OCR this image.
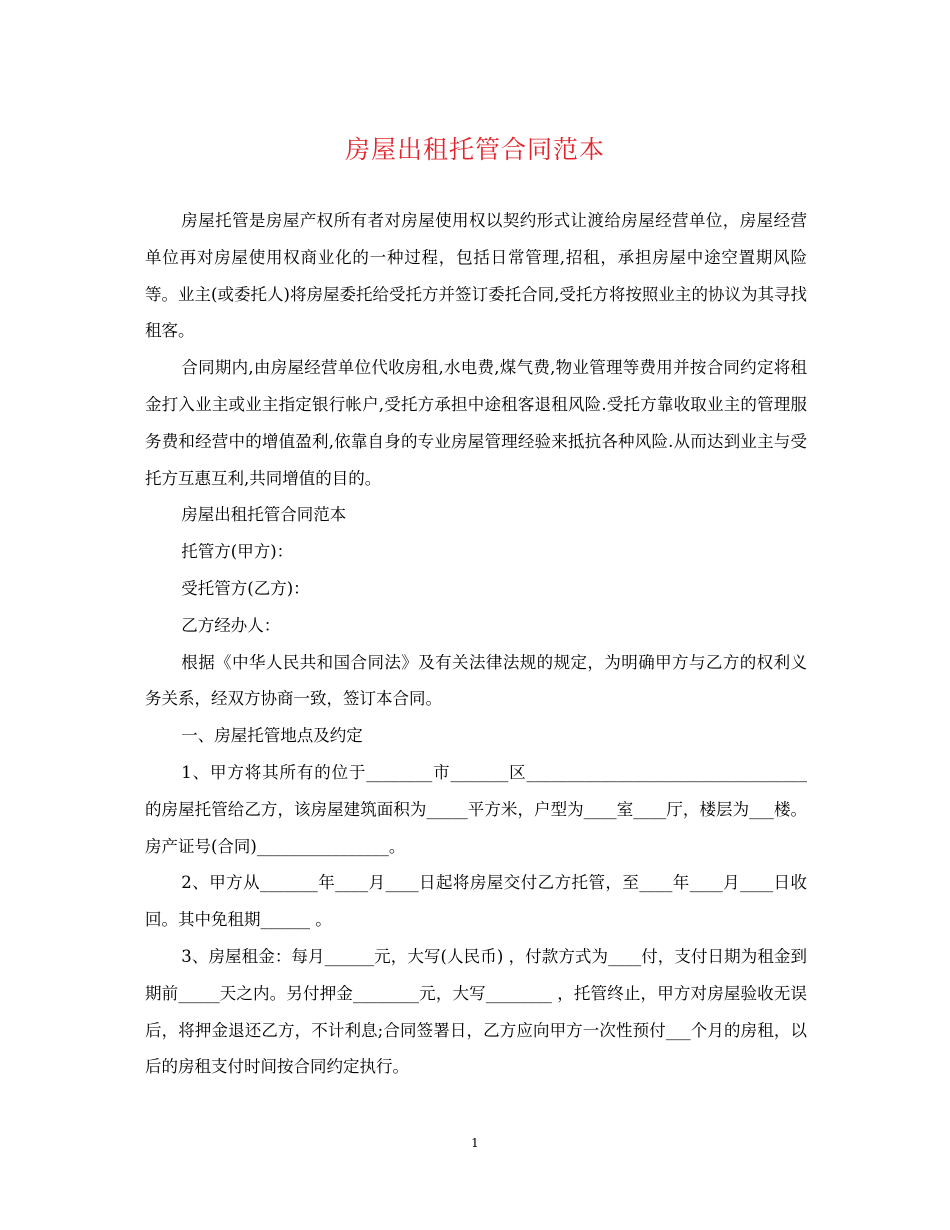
房屋出租托管合同范本

房屋托管是房屋产权所有者对房屋使用权以契约形式让渡给房屋经营单位，房屋经营单位再对房屋使用权商业化的一种过程，包括日常管理,招租，承担房屋中途空置期风险等。业主(或委托人)将房屋委托给受托方并签订委托合同,受托方将按照业主的协议为其寻找租客。

合同期内,由房屋经营单位代收房租,水电费,煤气费,物业管理等费用并按合同约定将租金打入业主或业主指定银行帐户,受托方承担中途租客退租风险.受托方靠收取业主的管理服务费和经营中的增值盈利,依靠自身的专业房屋管理经验来抵抗各种风险.从而达到业主与受托方互惠互利,共同增值的目的。

房屋出租托管合同范本

托管方(甲方)：

受托管方(乙方)：

乙方经办人：

根据《中华人民共和国合同法》及有关法律法规的规定，为明确甲方与乙方的权利义务关系，经双方协商一致，签订本合同。

一、房屋托管地点及约定

1、甲方将其所有的位于________市_______区__________________________________ 的房屋托管给乙方，该房屋建筑面积为_____平方米，户型为____室____厅，楼层为___楼。房产证号(合同)________________。

2、甲方从_______年____月____日起将房屋交付乙方托管，至____年____月____日收回。其中免租期______ 。

3、房屋租金：每月______元，大写(人民币) ，付款方式为____付，支付日期为租金到期前_____天之内。另付押金________元，大写________ ，托管终止，甲方对房屋验收无误后，将押金退还乙方，不计利息;合同签署日，乙方应向甲方一次性预付___个月的房租，以后的房租支付时间按合同约定执行。

1
